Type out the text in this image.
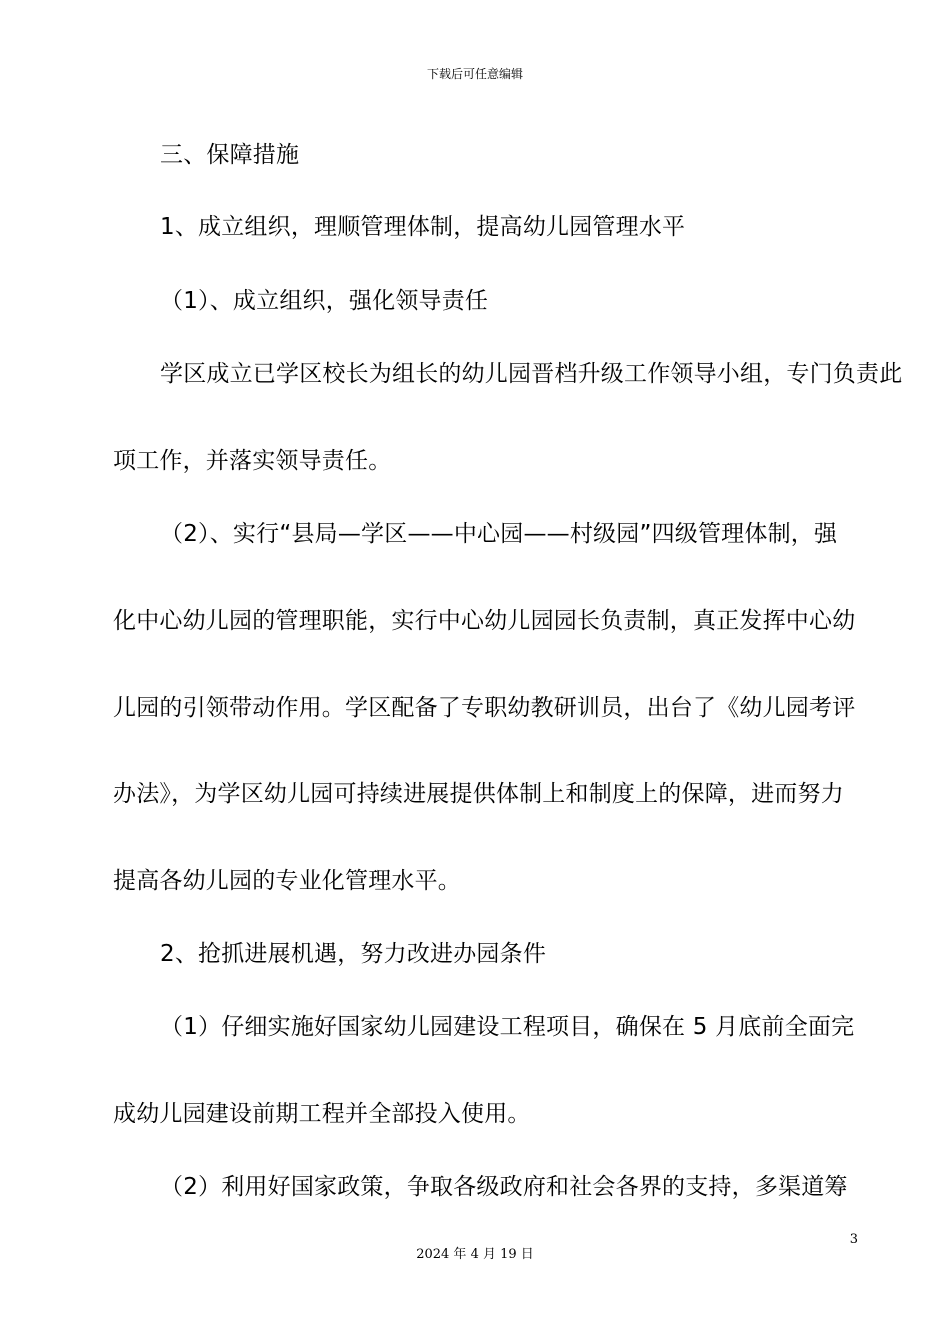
下载后可任意编辑
三、保障措施
1、成立组织，理顺管理体制，提高幼儿园管理水平
（1）、成立组织，强化领导责任
学区成立已学区校长为组长的幼儿园晋档升级工作领导小组，专门负责此
项工作，并落实领导责任。
（2）、实行“县局—学区——中心园——村级园”四级管理体制，强
化中心幼儿园的管理职能，实行中心幼儿园园长负责制，真正发挥中心幼
儿园的引领带动作用。学区配备了专职幼教研训员，出台了《幼儿园考评
办法》，为学区幼儿园可持续进展提供体制上和制度上的保障，进而努力
提高各幼儿园的专业化管理水平。
2、抢抓进展机遇，努力改进办园条件
（1）仔细实施好国家幼儿园建设工程项目，确保在 5 月底前全面完
成幼儿园建设前期工程并全部投入使用。
（2）利用好国家政策，争取各级政府和社会各界的支持，多渠道筹
3
2024 年 4 月 19 日
